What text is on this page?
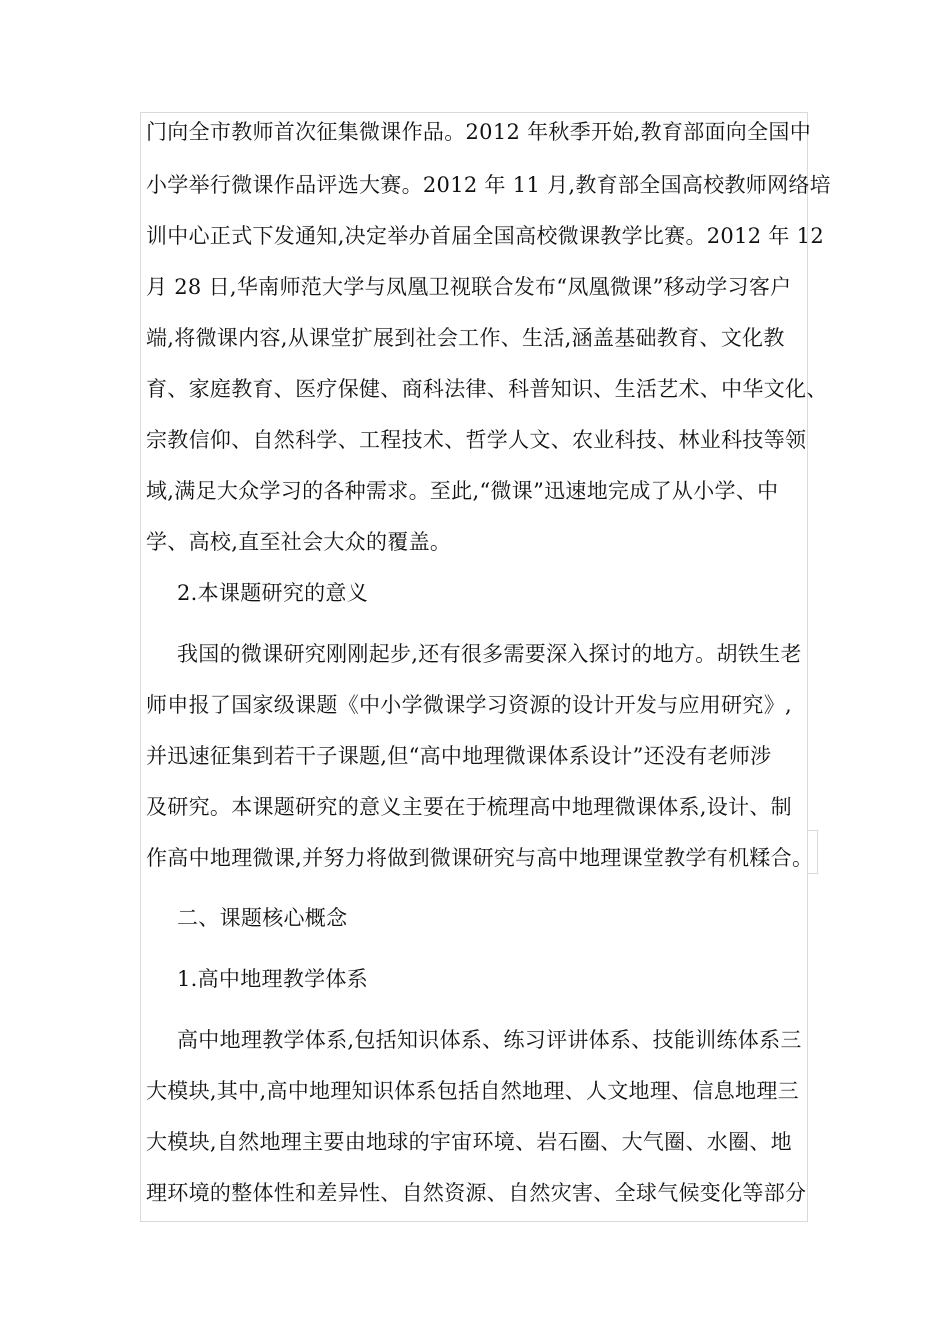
门向全市教师首次征集微课作品。2012 年秋季开始,教育部面向全国中
小学举行微课作品评选大赛。2012 年 11 月,教育部全国高校教师网络培
训中心正式下发通知,决定举办首届全国高校微课教学比赛。2012 年 12
月 28 日,华南师范大学与凤凰卫视联合发布“凤凰微课”移动学习客户
端,将微课内容,从课堂扩展到社会工作、生活,涵盖基础教育、文化教
育、家庭教育、医疗保健、商科法律、科普知识、生活艺术、中华文化、
宗教信仰、自然科学、工程技术、哲学人文、农业科技、林业科技等领
域,满足大众学习的各种需求。至此,“微课”迅速地完成了从小学、中
学、高校,直至社会大众的覆盖。
2.本课题研究的意义
我国的微课研究刚刚起步,还有很多需要深入探讨的地方。胡铁生老
师申报了国家级课题《中小学微课学习资源的设计开发与应用研究》,
并迅速征集到若干子课题,但“高中地理微课体系设计”还没有老师涉
及研究。本课题研究的意义主要在于梳理高中地理微课体系,设计、制
作高中地理微课,并努力将做到微课研究与高中地理课堂教学有机糅合。
二、课题核心概念
1.高中地理教学体系
高中地理教学体系,包括知识体系、练习评讲体系、技能训练体系三
大模块,其中,高中地理知识体系包括自然地理、人文地理、信息地理三
大模块,自然地理主要由地球的宇宙环境、岩石圈、大气圈、水圈、地
理环境的整体性和差异性、自然资源、自然灾害、全球气候变化等部分
